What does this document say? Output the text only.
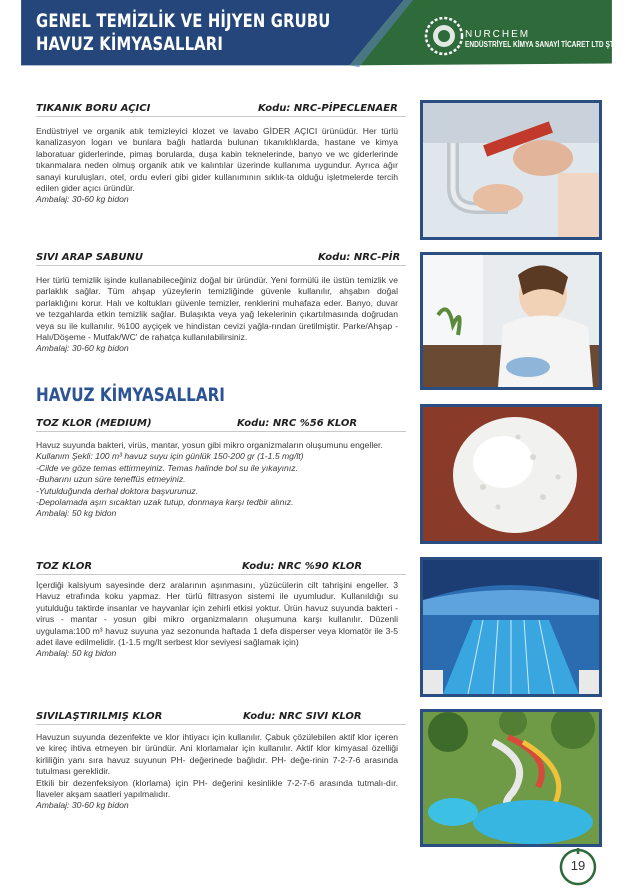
GENEL TEMİZLİK VE HİJYEN GRUBU
HAVUZ KİMYASALLARI	NURCHEM
ENDÜSTRİYEL KİMYA SANAYİ TİCARET LTD ŞTİ
TIKANIK BORU AÇICI	Kodu: NRC-PİPECLENAER

Endüstriyel ve organik atık temizleyici klozet ve lavabo GİDER AÇICI ürünüdür. Her türlü kanalizasyon logarı ve bunlara bağlı hatlarda bulunan tıkanıklıklarda, hastane ve kimya laboratuar giderlerinde, pimaş borularda, duşa kabin teknelerinde, banyo ve wc giderlerinde tıkanmalara neden olmuş organik atık ve kalıntılar üzerinde kullanıma uygundur. Ayrıca ağır sanayi kuruluşları, otel, ordu evleri gibi gider kullanımının sıklık-ta olduğu işletmelerde tercih edilen gider açıcı üründür.

Ambalaj: 30-60 kg bidon

SIVI ARAP SABUNU	Kodu: NRC-PİR

Her türlü temizlik işinde kullanabileceğiniz doğal bir üründür. Yeni formülü ile üstün temizlik ve parlaklık sağlar. Tüm ahşap yüzeylerin temizliğinde güvenle kullanılır, ahşabın doğal parlaklığını korur. Halı ve koltukları güvenle temizler, renklerini muhafaza eder. Banyo, duvar ve tezgahlarda etkin temizlik sağlar. Bulaşıkta veya yağ lekelerinin çıkartılmasında doğrudan veya su ile kullanılır. %100 ayçiçek ve hindistan cevizi yağla-rından üretilmiştir. Parke/Ahşap - Halı/Döşeme - Mutfak/WC' de rahatça kullanılabilirsiniz.

Ambalaj: 30-60 kg bidon

HAVUZ KİMYASALLARI
TOZ KLOR (MEDIUM)	Kodu: NRC %56 KLOR

Havuz suyunda bakteri, virüs, mantar, yosun gibi mikro organizmaların oluşumunu engeller.

Kullanım Şekli: 100 m³ havuz suyu için günlük 150-200 gr (1-1.5 mg/lt)

-Cilde ve göze temas ettirmeyiniz. Temas halinde bol su ile yıkayınız.

-Buharını uzun süre teneffüs etmeyiniz.

-Yutulduğunda derhal doktora başvurunuz.

-Depolamada aşırı sıcaktan uzak tutup, donmaya karşı tedbir alınız.

Ambalaj: 50 kg bidon

TOZ KLOR	Kodu: NRC %90 KLOR

İçerdiği kalsiyum sayesinde derz aralarının aşınmasını, yüzücülerin cilt tahrişini engeller. 3 Havuz etrafında koku yapmaz. Her türlü filtrasyon sistemi ile uyumludur. Kullanıldığı su yutulduğu taktirde insanlar ve hayvanlar için zehirli etkisi yoktur. Ürün havuz suyunda bakteri - virus - mantar - yosun gibi mikro organizmaların oluşumuna karşı kullanılır. Düzenli uygulama:100 m³ havuz suyuna yaz sezonunda haftada 1 defa disperser veya klomatör ile 3-5 adet ilave edilmelidir. (1-1.5 mg/lt serbest klor seviyesi sağlamak için)

Ambalaj: 50 kg bidon

SIVILAŞTIRILMIŞ KLOR	Kodu: NRC SIVI KLOR

Havuzun suyunda dezenfekte ve klor ihtiyacı için kullanılır. Çabuk çözülebilen aktif klor içeren ve kireç ihtiva etmeyen bir üründür. Ani klorlamalar için kullanılır. Aktif klor kimyasal özelliği kirliliğin yanı sıra havuz suyunun PH- değerinede bağlıdır. PH- değe-rinin 7-2-7-6 arasında tutulması gereklidir.

Etkili bir dezenfeksiyon (klorlama) için PH- değerini kesinlikle 7-2-7-6 arasında tutmalı-dır. İlaveler akşam saatleri yapılmalıdır.

Ambalaj: 30-60 kg bidon

19
